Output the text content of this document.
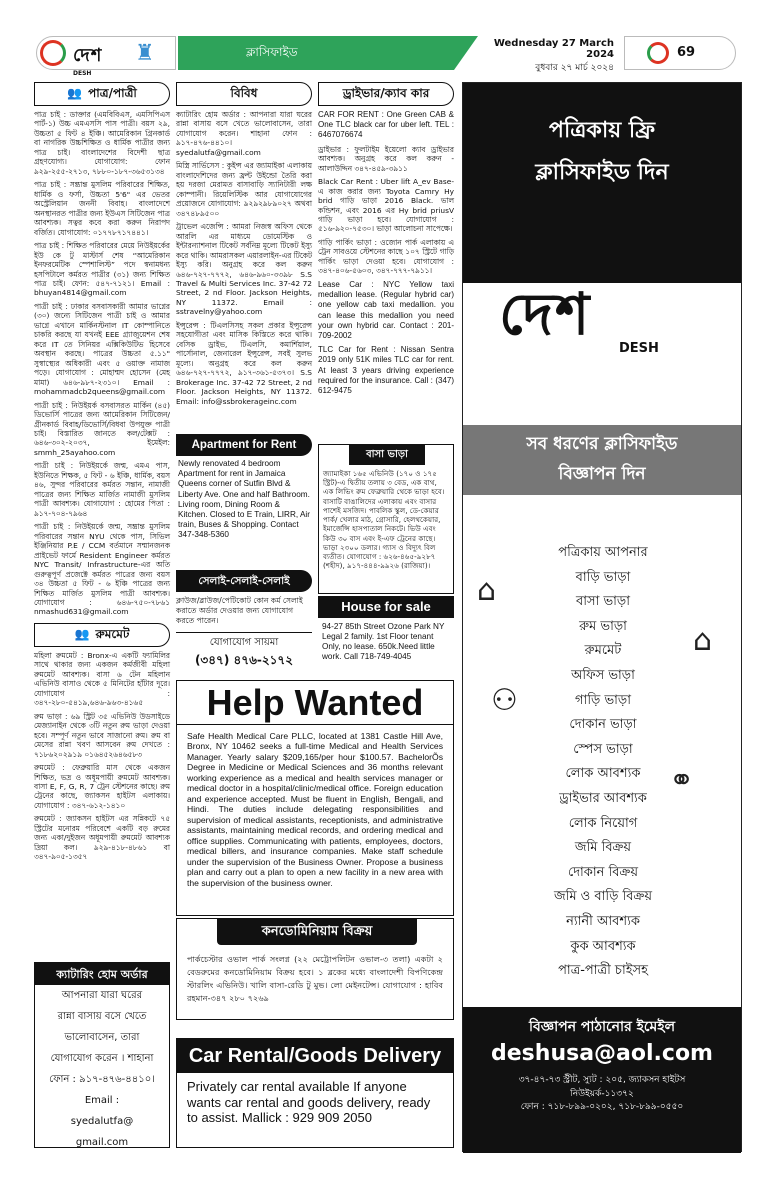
দেশ
DESH
♜	ক্লাসিফাইড
Wednesday 27 March 2024
বুধবার ২৭ মার্চ ২০২৪
69
👥 পাত্র/পাত্রী
পাত্র চাই : ডাক্তার (এমবিবিএস, এমসিপিএস পার্ট-১) উচ্চ এমএসসি পাস পাত্রী। বয়স ২৯, উচ্চতা ৫ ফিট ৪ ইঞ্চি। আমেরিকান গ্রিনকার্ড বা নাগরিক উচ্চশিক্ষিত ও ধার্মিক পাত্রীর জন্য পাত্র চাই। বাংলাদেশের বিদেশী ছাত্র গ্রহণযোগ্য। যোগাযোগ: ফোন ৯২৯-২৫৫-২৭১৩, ৭৮৮০-১৮৭-৩৬৫৩১৩৪
পাত্র চাই : সম্ভ্রান্ত মুসলিম পরিবারের শিক্ষিত, ধার্মিক ও ফর্সা, উচ্চতা 5'6" এর ভেতর অস্ট্রেলিয়ান জননী বিবাহ। বাংলাদেশে অনস্থানরত পাত্রীর জন্য ইউএস সিটিজেন পাত্র আবশ্যক। সত্বর কবে করা করুন নিরাপদ বর্জিত। যোগাযোগ: ০১৭৭৮৭১৭৪৪১।
পাত্র চাই : শিক্ষিত পরিবারের মেয়ে নিউইয়র্কের ইউ কে টু মাস্টার্স শেষ “আমেরিকান ইনফরমেটিক স্পেশালিস্ট” পদে স্বনামধন্য হসপিটালে কর্মরত পাত্রীর (৩১) জন্য শিক্ষিত পাত্র চাই। ফোন: ৫৪৭-৭১২১। Email : bhuyan4814@gmail.com
পাত্রী চাই : ঢাকার বসবাসকারী আমার ভাগ্নের (৩০) জন্যে সিটিজেন পাত্রী চাই ও আমার ভাগ্নে এখানে মার্কিনস্টনাল IT কোম্পানিতে চাকরি করছে যা যখনই EEE গ্র্যাজুয়েশন শেষ করে IT তে সিনিয়র এক্সিকিউটিভ হিসেবে অবস্থান করছে। পাত্রের উচ্চতা ৫.১১" সুস্বাস্থ্যের অধিকারী এবং ৫ ওয়াক্ত নামাজ পড়ে। যোগাযোগ : মোহাম্মদ হোসেন (মেহ মামা) ৬৪৬-৯৮৭-২৩১০। Email : mohammadcb2queens@gmail.com
পাত্রী চাই : নিউইয়র্ক বসবাসরত মার্কিন (৪৫) ডিভোর্সি পাত্রের জন্য আমেরিকান সিটিজেন/গ্রীনকার্ড বিবাহ/ডিভোর্সি/বিধবা উপযুক্ত পাত্রী চাই। বিস্তারিত জানতে কল/টেক্সট : ৬৪৬-৩০২-২০৩৭, ইমেইল: smmh_25ayahoo.com
পাত্রী চাই : নিউইয়র্কে জন্ম, এমএ পাস, ইউনিতে শিক্ষক, ৫ ফিট - ৬ ইঞ্চি, ধার্মিক, বয়স ৪৬, সুন্দর পরিবারের কর্মরত সন্তান, নামাজী পাত্রের জন্য শিক্ষিত মার্জিত নামাজী মুসলিম পাত্রী আবশ্যক। যোগাযোগ : হোমের পিতা : ৯১৭-৭০৪-৭৯৬৪
পাত্রী চাই : নিউইয়র্কে জন্ম, সম্ভ্রান্ত মুসলিম পরিবারের সন্তান NYU থেকে পাস, সিভিল ইঞ্জিনিয়ার P.E / CCM বর্তমানে সম্মানজনক প্রাইভেট ফার্মে Resident Engineer কর্মরত NYC Transit/ Infrastructure-এর অতি গুরুত্বপূর্ণ প্রজেক্টে কর্মরত পাত্রের জন্য বয়স ৩৪ উচ্চতা ৫ ফিট - ৬ ইঞ্চি পাত্রের জন্য শিক্ষিত মার্জিত মুসলিম পাত্রী আবশ্যক। যোগাযোগ : ৬৪৬-৭৫০-৭৮৬১ nmashud631@gmail.com
👥 রুমমেট
মহিলা রুমমেট : Bronx-এ একটি ফ্যামিলির সাথে থাকার জন্য একজন কর্মজীবী মহিলা রুমমেট আবশ্যক। বাসা ৬ টেন মহিলান এভিনিউ বাসাও থেকে ৫ মিনিটের হাঁটার দূরে। যোগাযোগ : ৩৪৭-২৮০-৫৪১৯,৬৪৬-৯৬৩-৪১৬৫
রুম ভাড়া : ৬৯ স্ট্রিট ৩৫ এভিনিউ উডসাইডে মেজ্যানাইন থেকে ৩টি নতুন রুম ভাড়া দেওয়া হবে। সম্পূর্ণ নতুন ভাবে সাজানো রুম। রুম বা মেসের রান্না খবণ আসবেন রুম দেখতে : ৭১৮৬২০২৯১৯ ০১৬৪৫২৬৪৬৫৮৩
রুমমেট : ফেব্রুয়ারি মাস থেকে একজন শিক্ষিত, ভদ্র ও অধূমপায়ী রুমমেট আবশ্যক। বাসা E, F, G, R, 7 ট্রেন স্টেশনের কাছে। রুম ট্রেনের কাছে, জ্যাকসন হাইটস এলাকায়। যোগাযোগ : ৩৪৭-৬১২-১৪১০
রুমমেট : জ্যাকসন হাইটস এর সন্নিকটে ৭৫ স্ট্রিটের মনোরম পরিবেশে একটি বড় রুমের জন্য একা/দুইজন অধূমপায়ী রুমমেট আবশ্যক দ্রিয়া কল। ৯২৯-৪১৮-৪৮৬১ বা ৩৪৭-৯০৫-১৩৫৭
ক্যাটারিং হোম অর্ডার
আপনারা যারা ঘরের
রান্না বাসায় বসে খেতে
ভালোবাসেন, তারা
যোগাযোগ করেন । শাহানা
ফোন : ৯১৭-৪৭৬-৪৪১০।
Email :
syedalutfa@
gmail.com
বিবিধ
ক্যাটারিং হোম অর্ডার : আপনারা যারা ঘরের রান্না বাসায় বসে খেতে ভালোবাসেন, তারা যোগাযোগ করেন। শাহানা ফোন : ৯১৭-৪৭৬-৪৪১০। syedalutfa@gmail.com
মিস্ত্রি সার্ভিসেস : কুইন্স এর জ্যামাইকা এলাকায় বাংলাদেশিদের জন্য ফ্রন্ট উইন্ডো তৈরি করা হয় দরজা মেরামত বাসাবাড়ি স্যানিটারী লক্ষ কোম্পানী। রিয়েলিস্টিক আর যোগাযোগের প্রয়োজনে যোগাযোগ: ৯২৯২৯৮৯০২৭ অথবা ৩৪৭৪৮৯৫০০
ট্রাভেল এজেন্সি : আমরা নিজস্ব অফিস থেকে আরলি এর মাধ্যমে ডোমেস্টিক ও ইন্টারন্যাশনাল টিকেট সর্বনিম্ন মূল্যে টিকেট ইস্যু করে থাকি। আমরাসকল এয়ারলাইন-এর টিকেট ইস্যু করি। অনুগ্রহ করে কল করুন ৬৪৬-৭২৭-৭৭৭২, ৬৪৬-৯৬০-৩৩৯৮ S.S Travel & Multi Services Inc. 37-42 72 Street, 2 nd Floor. Jackson Heights, NY 11372. Email : sstravelny@yahoo.com
ইন্সুরেন্স : টিএলসিসহ সকল প্রকার ইন্সুরেন্স সহযোগীতা এবং মাসিক কিস্তিতে করে থাকি। বেসিক ড্রাইভ, টিএলসি, কমার্শিয়াল, পার্সোনাল, জেনারেল ইন্সুরেন্স, সবই সুলভ মূল্যে। অনুগ্রহ করে কল করুন ৬৪৬-৭২৭-৭৭৭২, ৯১৭-৩৬১-৫৩৭৩। S.S Brokerage Inc. 37-42 72 Street, 2 nd Floor. Jackson Heights, NY 11372. Email: info@ssbrokerageinc.com
Apartment for Rent
Newly renovated 4 bedroom Apartment for rent in Jamaica Queens corner of Sutfin Blvd & Liberty Ave. One and half Bathroom. Living room, Dining Room & Kitchen. Closed to E Train, LIRR, Air train, Buses & Shopping. Contact 347-348-5360
সেলাই-সেলাই-সেলাই
ক্লাউজ/ব্লাউজ/পেটিকোট কোন কর্ম সেলাই করাতে অর্ডার দেওয়ার জন্য যোগাযোগ করতে পারেন।
যোগাযোগ সায়মা
(৩৪৭) ৪৭৬-২১৭২
ড্রাইভার/ক্যাব কার
CAR FOR RENT : One Green CAB & One TLC black car for uber left. TEL : 6467076674
ড্রাইভার : ফুলটাইম ইয়েলো ক্যাব ড্রাইভার আবশ্যক। অনুগ্রহ করে কল করুন - আলাউদ্দিন ৩৪৭-৪৫৯-৩৯১১
Black Car Rent : Uber lift A_ev Base-এ কাজ করার জন্য Toyota Camry Hy brid গাড়ি ভাড়া 2016 Black. ভাল কন্ডিশন, এবং 2016 এর Hy brid priusV গাড়ি ভাড়া হবে। যোগাযোগ : ৫১৬-৯২০-৭৫৩০। ভাড়া আলোচনা সাপেক্ষে।
গাড়ি পার্কিং ভাড়া : ওজোন পার্ক এলাকায় এ ট্রেন সাবওয়ে স্টেশনের কাছে ১০৭ স্ট্রিটে গাড়ি পার্কিং ভাড়া দেওয়া হবে। যোগাযোগ : ৩৪৭-৪০৬-৫৬০৩, ৩৪৭-৭৭৭-৭৯১১।
Lease Car : NYC Yellow taxi medallion lease. (Regular hybrid car) one yellow cab taxi medallion. you can lease this medallion you need your own hybrid car. Contact : 201-709-2002
TLC Car for Rent : Nissan Sentra 2019 only 51K miles TLC car for rent. At least 3 years driving experience required for the insurance. Call : (347) 612-9475
বাসা ভাড়া
জ্যামাইকা ১৬৫ এভিনিউ (১৭০ ও ১৭৫ স্ট্রিট)-এ দ্বিতীয় তলায় ৩ বেড, এক বাথ, এক লিভিং রুম ফেব্রুয়ারি থেকে ভাড়া হবে। বাসাটি বাঙালিদের এলাকায় এবং বাসার পাশেই মসজিদ। পাবলিক স্কুল, ডে-কেয়ার পার্ক/ খেলার মাঠ, গ্রোসারি, হেলথকেয়ার, ইমার্জেন্সি হাসপাতাল নিকটে। ভিউ এবং কিউ ৩০ বাস এবং ই-এফ ট্রেনের কাছে। ভাড়া ২৩০০ ডলার। গ্যাস ও বিদ্যুৎ বিল ব্যতীত। যোগাযোগ : ৬২৬-৪৬৫-৯২৮৭ (শহীদ), ৯১৭-৪৪৪-৯৯২৬ (রাজিয়া)।
House for sale
94-27 85th Street Ozone Park NY Legal 2 family. 1st Floor tenant Only, no lease. 650k.Need little work. Call 718-749-4045
Help Wanted
Safe Health Medical Care PLLC, located at 1381 Castle Hill Ave, Bronx, NY 10462 seeks a full-time Medical and Health Services Manager. Yearly salary $209,165/per hour $100.57. BachelorÕs Degree in Medicine or Medical Sciences and 36 months relevant working experience as a medical and health services manager or medical doctor in a hospital/clinic/medical office. Foreign education and experience accepted. Must be fluent in English, Bengali, and Hindi. The duties include delegating responsibilities and supervision of medical assistants, receptionists, and administrative assistants, maintaining medical records, and ordering medical and office supplies. Communicating with patients, employees, doctors, medical billers, and insurance companies. Make staff schedule under the supervision of the Business Owner. Propose a business plan and carry out a plan to open a new facility in a new area with the supervision of the business owner.
কনডোমিনিয়াম বিক্রয়
পার্কচেস্টার ওভাল পার্ক সংলগ্ন (২২ মেট্রোপলিটন ওভাল-৩ তলা) একটা ২ বেডরুমের কনডোমিনিয়াম বিক্রয় হবে। ১ ব্লকের মধ্যে বাংলাদেশী বিপণিকেন্দ্র স্টারলিং এভিনিউ। খালি বাসা-রেডি টু মুভ। লো মেইনটেন্স। যোগাযোগ : হাবিব রহমান-৩৪৭ ২৮০ ৭২৬৯
Car Rental/Goods Delivery
Privately car rental available If anyone wants car rental and goods delivery, ready to assist. Mallick : 929 909 2050
পত্রিকায় ফ্রি
ক্লাসিফাইড দিন
দেশ
DESH
সব ধরণের ক্লাসিফাইড
বিজ্ঞাপন দিন
⌂
⌂
⚇
⚭
পত্রিকায় আপনার
বাড়ি ভাড়া
বাসা ভাড়া
রুম ভাড়া
রুমমেট
অফিস ভাড়া
গাড়ি ভাড়া
দোকান ভাড়া
স্পেস ভাড়া
লোক আবশ্যক
ড্রাইভার আবশ্যক
লোক নিয়োগ
জমি বিক্রয়
দোকান বিক্রয়
জমি ও বাড়ি বিক্রয়
ন্যানী আবশ্যক
কুক আবশ্যক
পাত্র-পাত্রী চাইসহ
বিজ্ঞাপন পাঠানোর ইমেইল
deshusa@aol.com
৩৭-৪৭-৭৩ স্ট্রীট, স্যুট : ২০৫, জ্যাকসন হাইটস
নিউইয়র্ক-১১৩৭২
ফোন : ৭১৮-৮৯৯-০২০২, ৭১৮-৮৯৯-০৫৫০
